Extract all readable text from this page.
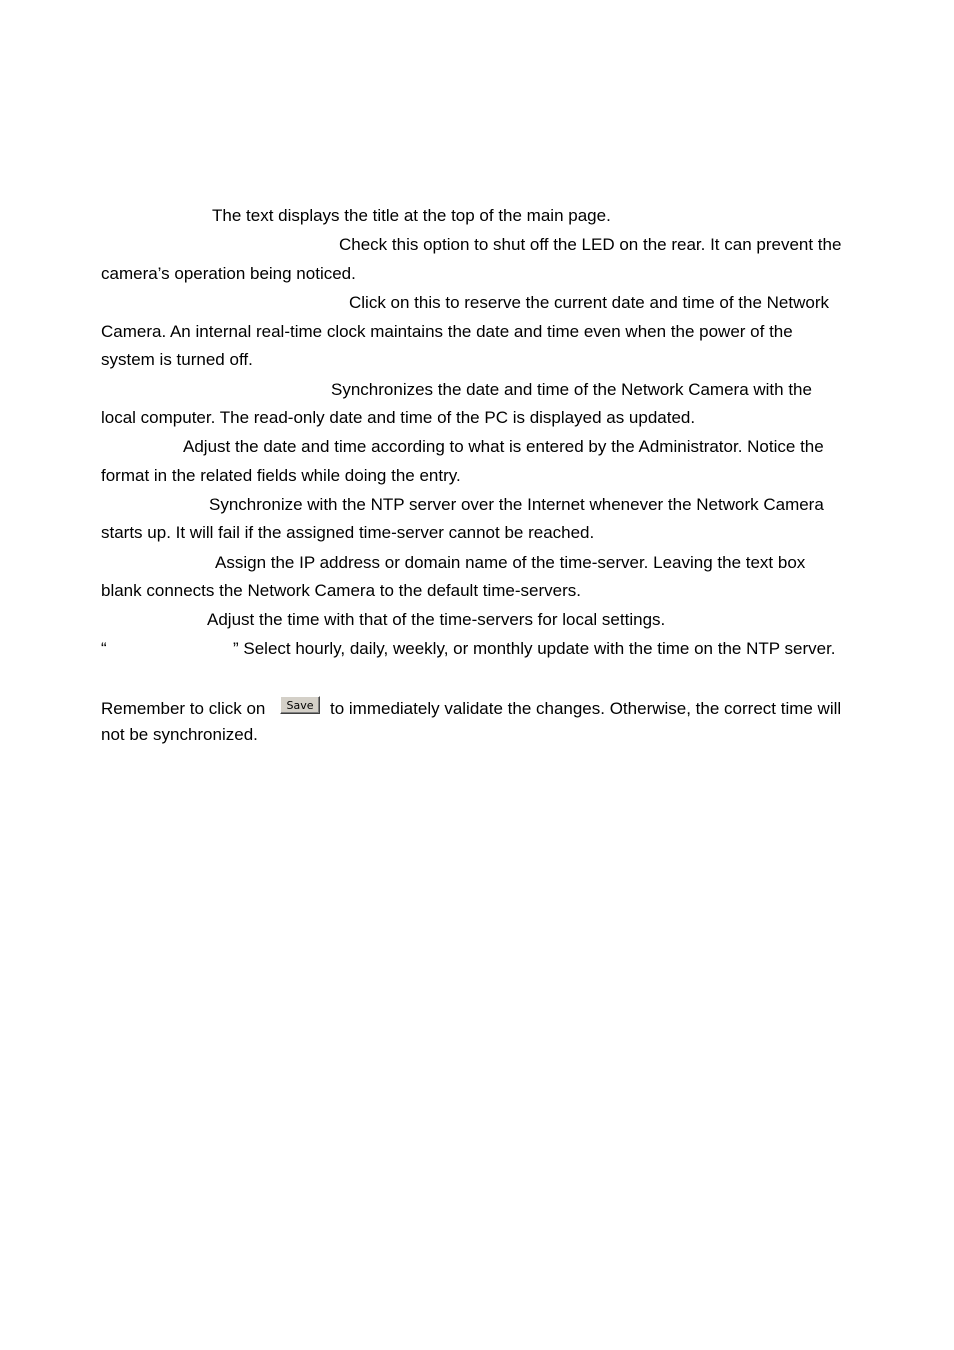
The text displays the title at the top of the main page.
Check this option to shut off the LED on the rear. It can prevent the
camera’s operation being noticed.
Click on this to reserve the current date and time of the Network
Camera. An internal real-time clock maintains the date and time even when the power of the
system is turned off.
Synchronizes the date and time of the Network Camera with the
local computer. The read-only date and time of the PC is displayed as updated.
Adjust the date and time according to what is entered by the Administrator. Notice the
format in the related fields while doing the entry.
Synchronize with the NTP server over the Internet whenever the Network Camera
starts up. It will fail if the assigned time-server cannot be reached.
Assign the IP address or domain name of the time-server. Leaving the text box
blank connects the Network Camera to the default time-servers.
Adjust the time with that of the time-servers for local settings.
“	” Select hourly, daily, weekly, or monthly update with the time on the NTP server.
Remember to click on	Save to immediately validate the changes. Otherwise, the correct time will
not be synchronized.
